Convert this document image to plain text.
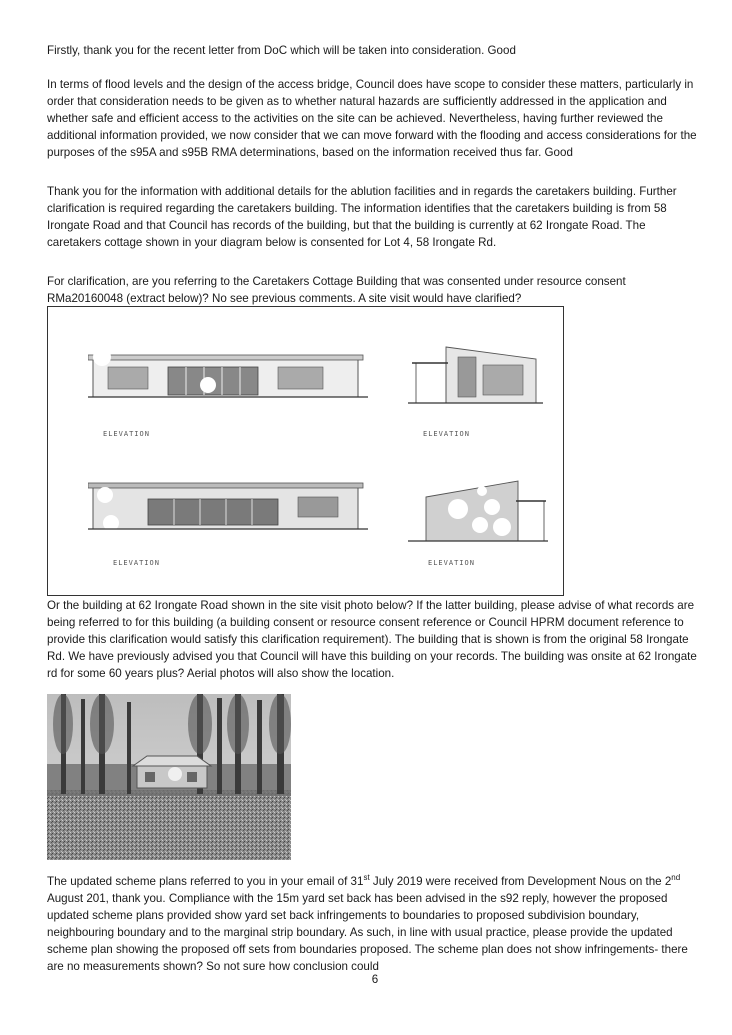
Firstly, thank you for the recent letter from DoC which will be taken into consideration. Good

In terms of flood levels and the design of the access bridge, Council does have scope to consider these matters, particularly in order that consideration needs to be given as to whether natural hazards are sufficiently addressed in the application and whether safe and efficient access to the activities on the site can be achieved. Nevertheless, having further reviewed the additional information provided, we now consider that we can move forward with the flooding and access considerations for the purposes of the s95A and s95B RMA determinations, based on the information received thus far. Good

Thank you for the information with additional details for the ablution facilities and in regards the caretakers building. Further clarification is required regarding the caretakers building. The information identifies that the caretakers building is from 58 Irongate Road and that Council has records of the building, but that the building is currently at 62 Irongate Road. The caretakers cottage shown in your diagram below is consented for Lot 4, 58 Irongate Rd.

For clarification, are you referring to the Caretakers Cottage Building that was consented under resource consent RMa20160048 (extract below)? No see previous comments. A site visit would have clarified?

ELEVATION	ELEVATION
ELEVATION	ELEVATION

Or the building at 62 Irongate Road shown in the site visit photo below? If the latter building, please advise of what records are being referred to for this building (a building consent or resource consent reference or Council HPRM document reference to provide this clarification would satisfy this clarification requirement). The building that is shown is from the original 58 Irongate Rd. We have previously advised you that Council will have this building on your records. The building was onsite at 62 Irongate rd for some 60 years plus? Aerial photos will also show the location.

The updated scheme plans referred to you in your email of 31st July 2019 were received from Development Nous on the 2nd August 201, thank you. Compliance with the 15m yard set back has been advised in the s92 reply, however the proposed updated scheme plans provided show yard set back infringements to boundaries to proposed subdivision boundary, neighbouring boundary and to the marginal strip boundary. As such, in line with usual practice, please provide the updated scheme plan showing the proposed off sets from boundaries proposed. The scheme plan does not show infringements- there are no measurements shown? So not sure how conclusion could

6
